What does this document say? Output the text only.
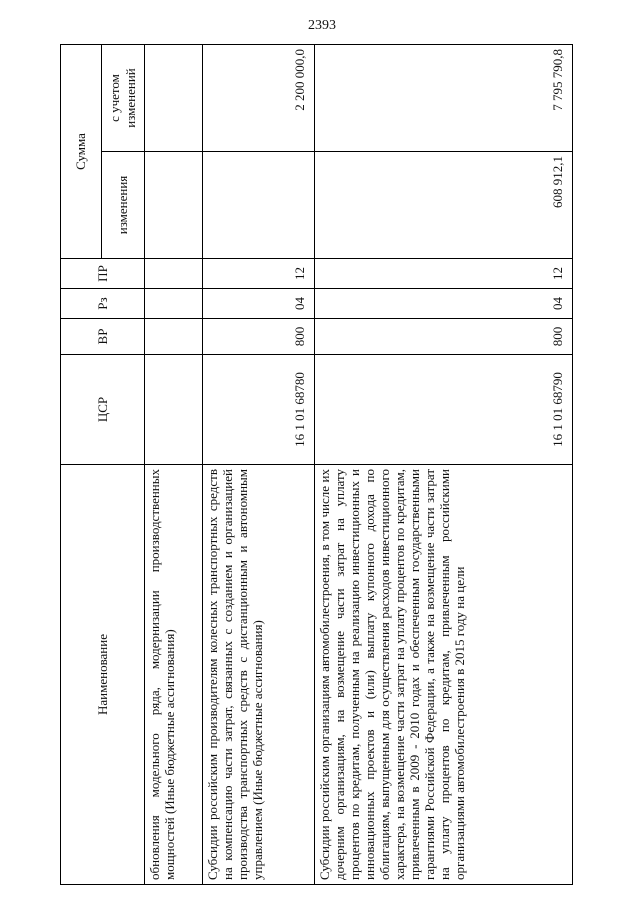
2393
Наименование	ЦСР	ВР	Рз	ПР	Сумма	
					изменения	с учетом изменений

обновления модельного ряда, модернизации производственных мощностей (Иные бюджетные ассигнования)						

Субсидии российским производителям колесных транспортных средств на компенсацию части затрат, связанных с созданием и организацией производства транспортных средств с дистанционным и автономным управлением (Иные бюджетные ассигнования)	16 1 01 68780	800	04	12		2 200 000,0

Субсидии российским организациям автомобилестроения, в том числе их дочерним организациям, на возмещение части затрат на уплату процентов по кредитам, полученным на реализацию инвестиционных и инновационных проектов и (или) выплату купонного дохода по облигациям, выпущенным для осуществления расходов инвестиционного характера, на возмещение части затрат на уплату процентов по кредитам, привлеченным в 2009 - 2010 годах и обеспеченным государственными гарантиями Российской Федерации, а также на возмещение части затрат на уплату процентов по кредитам, привлеченным российскими организациями автомобилестроения в 2015 году на цели	16 1 01 68790	800	04	12	608 912,1	7 795 790,8
